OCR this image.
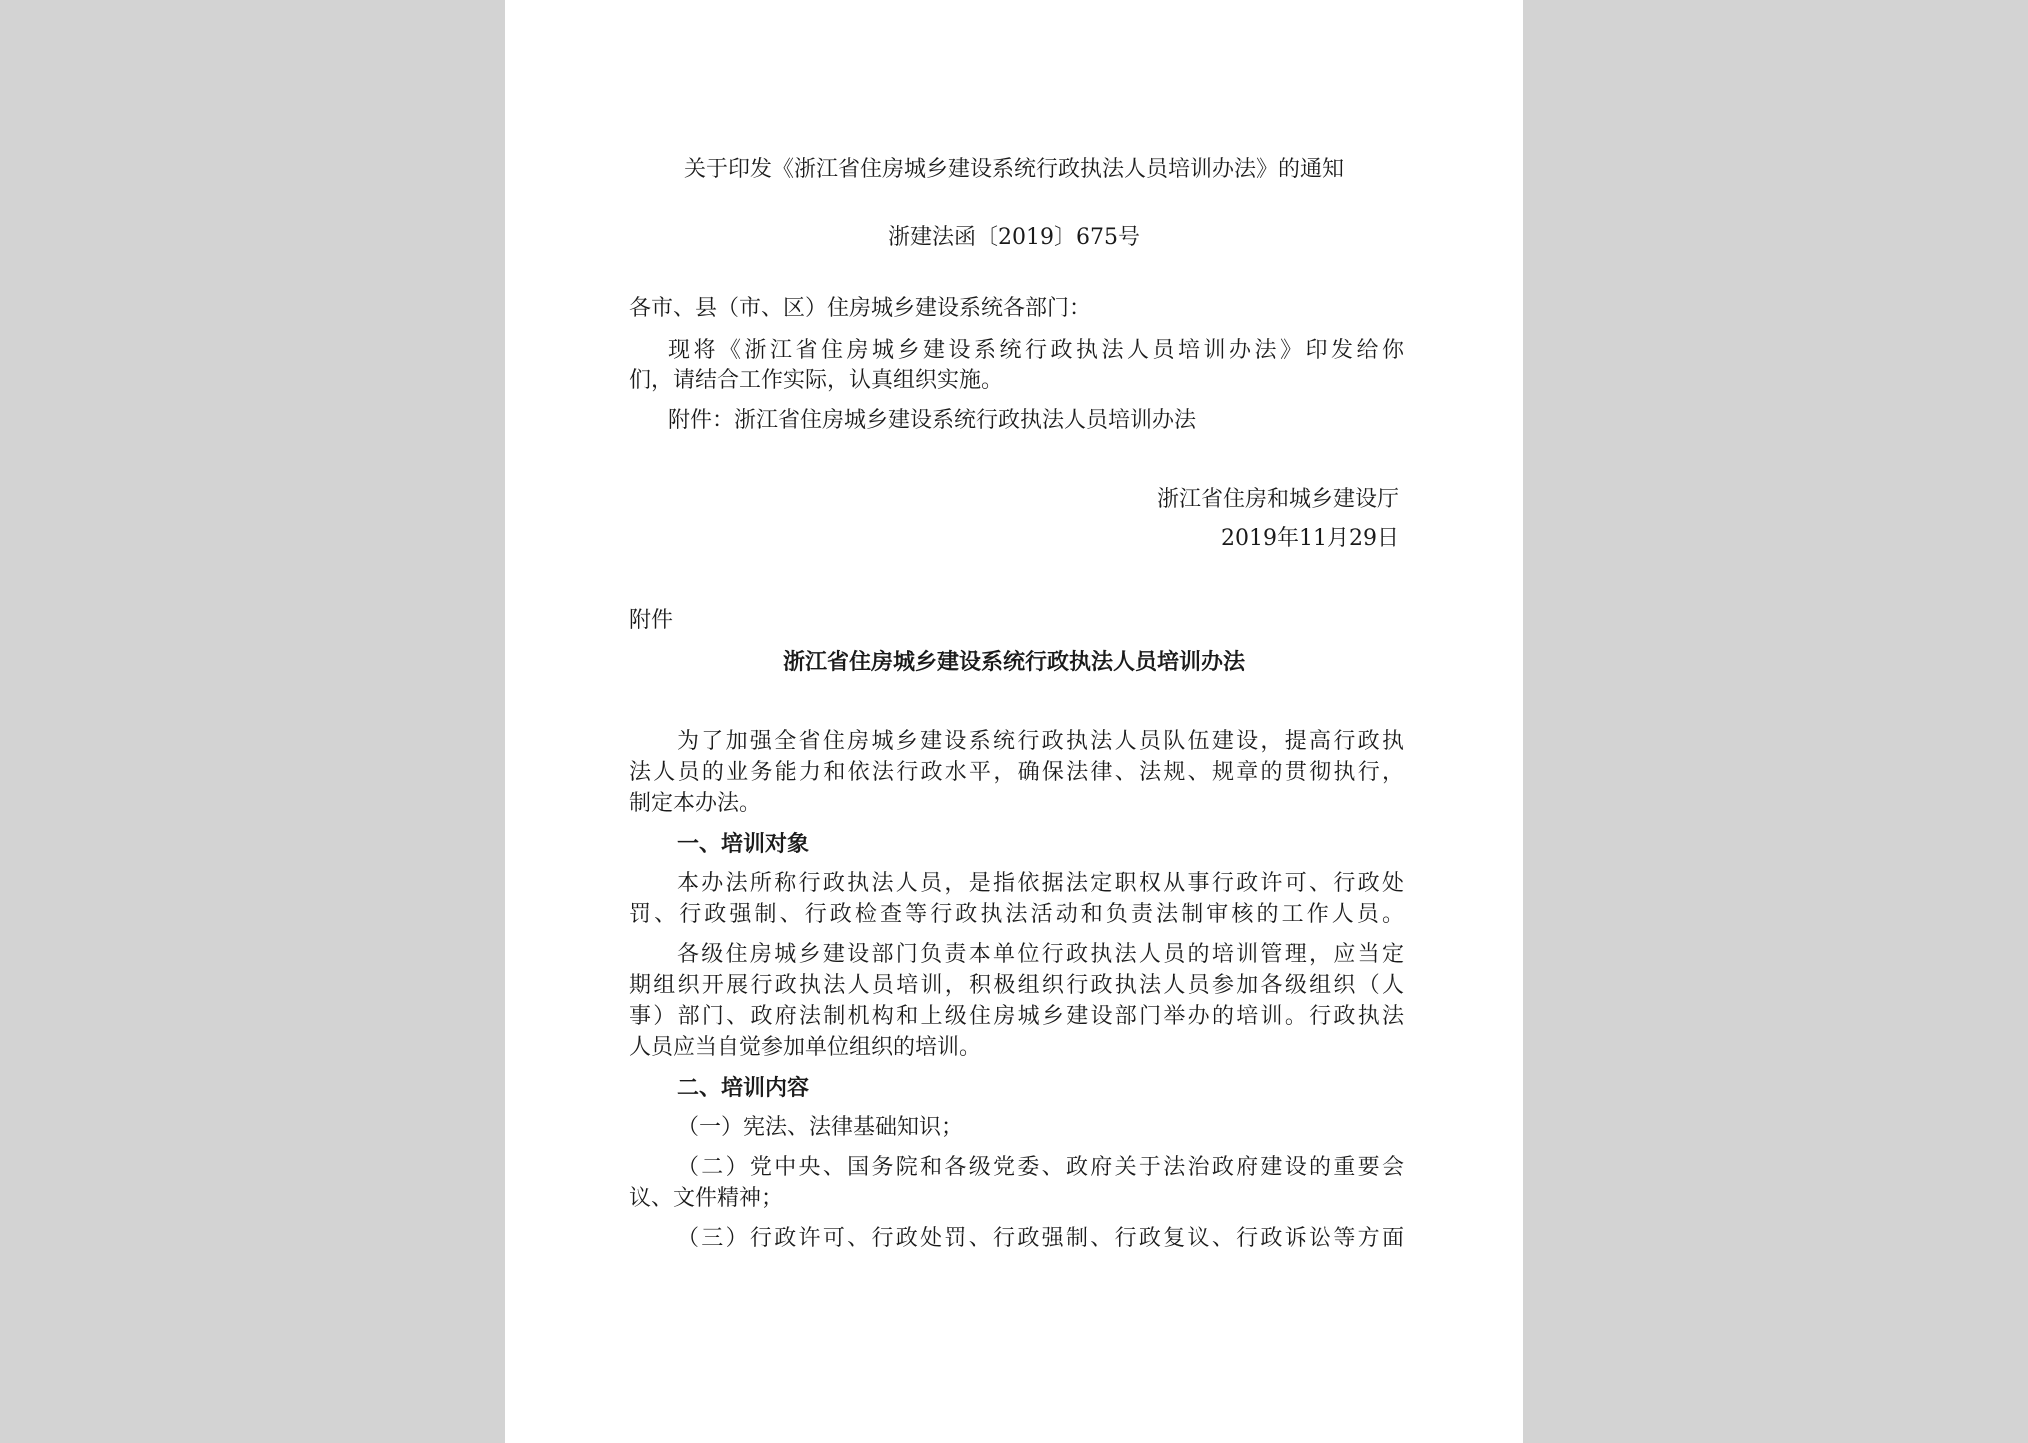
关于印发《浙江省住房城乡建设系统行政执法人员培训办法》的通知
浙建法函〔2019〕675号
各市、县（市、区）住房城乡建设系统各部门：
现将《浙江省住房城乡建设系统行政执法人员培训办法》印发给你
们，请结合工作实际，认真组织实施。
附件：浙江省住房城乡建设系统行政执法人员培训办法
浙江省住房和城乡建设厅
2019年11月29日
附件
浙江省住房城乡建设系统行政执法人员培训办法
为了加强全省住房城乡建设系统行政执法人员队伍建设，提高行政执
法人员的业务能力和依法行政水平，确保法律、法规、规章的贯彻执行，
制定本办法。
一、培训对象
本办法所称行政执法人员，是指依据法定职权从事行政许可、行政处
罚、行政强制、行政检查等行政执法活动和负责法制审核的工作人员。
各级住房城乡建设部门负责本单位行政执法人员的培训管理，应当定
期组织开展行政执法人员培训，积极组织行政执法人员参加各级组织（人
事）部门、政府法制机构和上级住房城乡建设部门举办的培训。行政执法
人员应当自觉参加单位组织的培训。
二、培训内容
（一）宪法、法律基础知识；
（二）党中央、国务院和各级党委、政府关于法治政府建设的重要会
议、文件精神；
（三）行政许可、行政处罚、行政强制、行政复议、行政诉讼等方面
